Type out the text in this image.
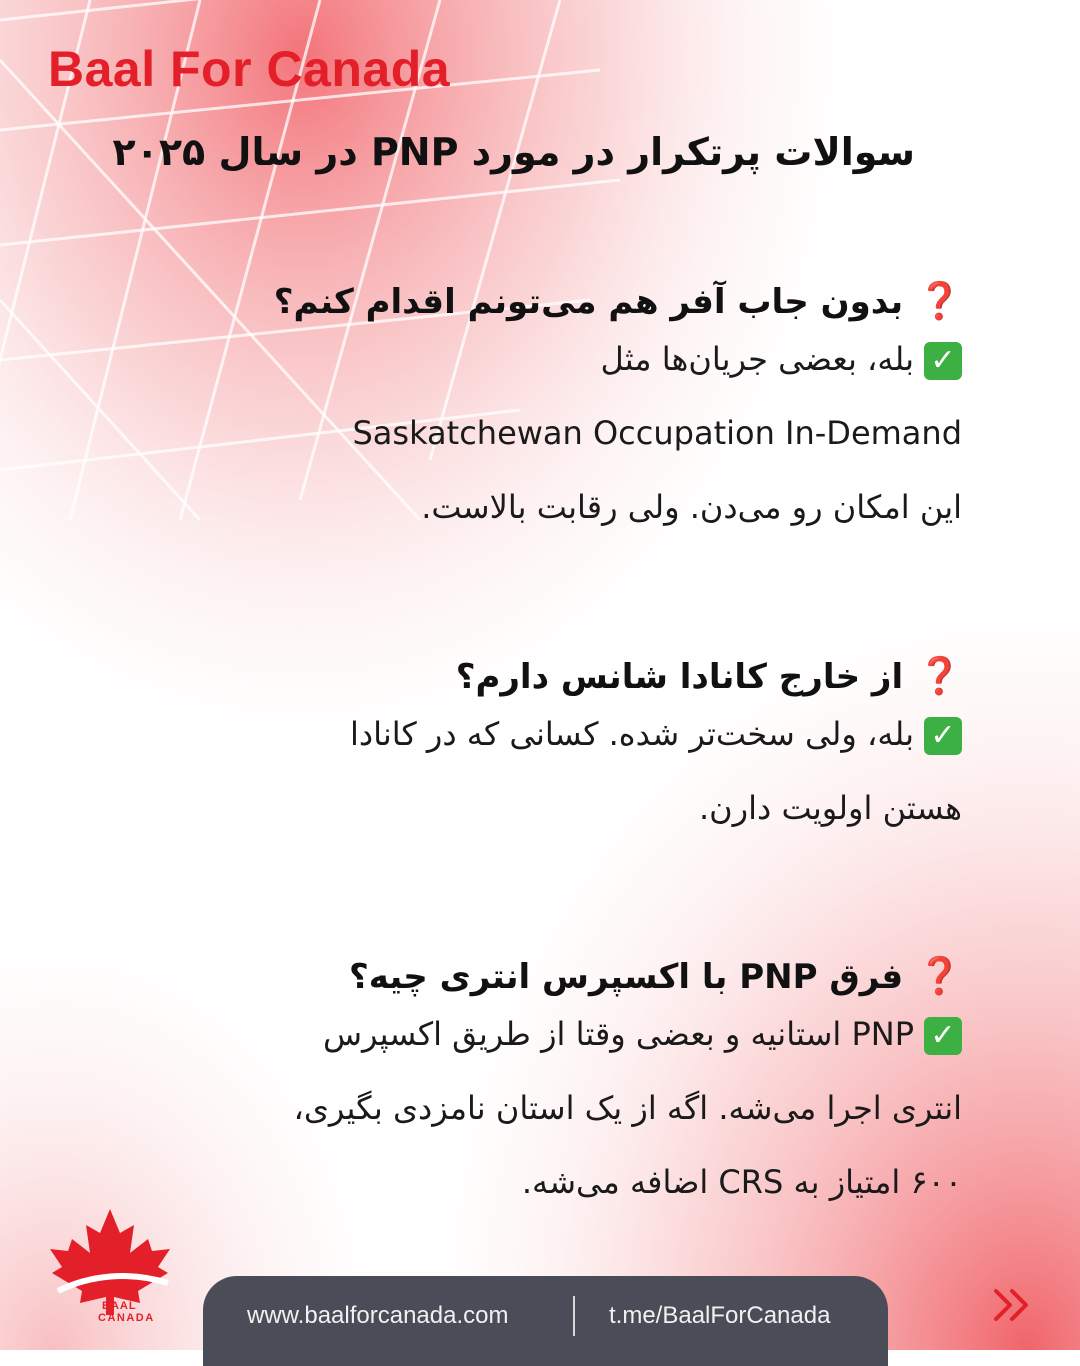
Baal For Canada
سوالات پرتکرار در مورد PNP در سال ۲۰۲۵

❓بدون جاب آفر هم می‌تونم اقدام کنم؟

✓بله، بعضی جریان‌ها مثل
Saskatchewan Occupation In-Demand
این امکان رو می‌دن. ولی رقابت بالاست.

❓از خارج کانادا شانس دارم؟

✓بله، ولی سخت‌تر شده. کسانی که در کانادا
هستن اولویت دارن.

❓فرق PNP با اکسپرس انتری چیه؟

✓PNP استانیه و بعضی وقتا از طریق اکسپرس
انتری اجرا می‌شه. اگه از یک استان نامزدی بگیری،
۶۰۰ امتیاز به CRS اضافه می‌شه.

BAAL
CANADA	www.baalforcanada.com	t.me/BaalForCanada
